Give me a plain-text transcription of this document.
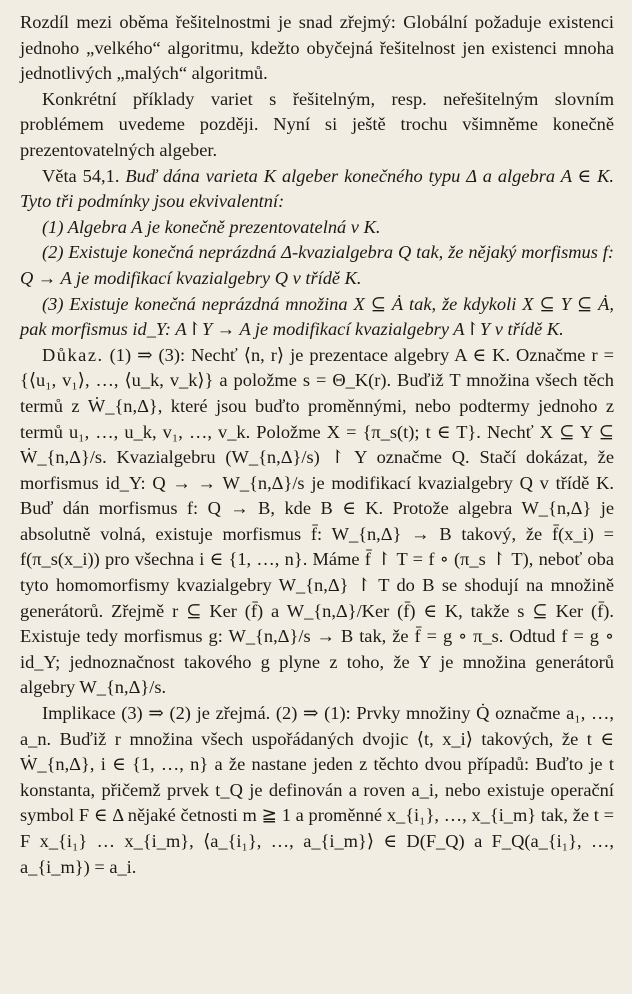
Rozdíl mezi oběma řešitelnostmi je snad zřejmý: Globální požaduje existenci jednoho „velkého“ algoritmu, kdežto obyčejná řešitelnost jen existenci mnoha jednotlivých „malých“ algoritmů.

Konkrétní příklady variet s řešitelným, resp. neřešitelným slovním problémem uvedeme později. Nyní si ještě trochu všimněme konečně prezentovatelných algeber.

Věta 54,1. Buď dána varieta K algeber konečného typu Δ a algebra A ∈ K. Tyto tři podmínky jsou ekvivalentní:

(1) Algebra A je konečně prezentovatelná v K.

(2) Existuje konečná neprázdná Δ-kvazialgebra Q tak, že nějaký morfismus f: Q → A je modifikací kvazialgebry Q v třídě K.

(3) Existuje konečná neprázdná množina X ⊆ Ȧ tak, že kdykoli X ⊆ Y ⊆ Ȧ, pak morfismus id_Y: A↾Y → A je modifikací kvazialgebry A↾Y v třídě K.

Důkaz. (1) ⇒ (3): Nechť ⟨n, r⟩ je prezentace algebry A ∈ K. Označme r = {⟨u₁, v₁⟩, …, ⟨u_k, v_k⟩} a položme s = Θ_K(r). Buďiž T množina všech těch termů z Ẇ_{n,Δ}, které jsou buďto proměnnými, nebo podtermy jednoho z termů u₁, …, u_k, v₁, …, v_k. Položme X = {π_s(t); t ∈ T}. Nechť X ⊆ Y ⊆ Ẇ_{n,Δ}/s. Kvazialgebru (W_{n,Δ}/s) ↾ Y označme Q. Stačí dokázat, že morfismus id_Y: Q → → W_{n,Δ}/s je modifikací kvazialgebry Q v třídě K. Buď dán morfismus f: Q → B, kde B ∈ K. Protože algebra W_{n,Δ} je absolutně volná, existuje morfismus f̄: W_{n,Δ} → B takový, že f̄(x_i) = f(π_s(x_i)) pro všechna i ∈ {1, …, n}. Máme f̄ ↾ T = f ∘ (π_s ↾ T), neboť oba tyto homomorfismy kvazialgebry W_{n,Δ} ↾ T do B se shodují na množině generátorů. Zřejmě r ⊆ Ker (f̄) a W_{n,Δ}/Ker (f̄) ∈ K, takže s ⊆ Ker (f̄). Existuje tedy morfismus g: W_{n,Δ}/s → B tak, že f̄ = g ∘ π_s. Odtud f = g ∘ id_Y; jednoznačnost takového g plyne z toho, že Y je množina generátorů algebry W_{n,Δ}/s.

Implikace (3) ⇒ (2) je zřejmá. (2) ⇒ (1): Prvky množiny Q̇ označme a₁, …, a_n. Buďiž r množina všech uspořádaných dvojic ⟨t, x_i⟩ takových, že t ∈ Ẇ_{n,Δ}, i ∈ {1, …, n} a že nastane jeden z těchto dvou případů: Buďto je t konstanta, přičemž prvek t_Q je definován a roven a_i, nebo existuje operační symbol F ∈ Δ nějaké četnosti m ≧ 1 a proměnné x_{i₁}, …, x_{i_m} tak, že t = F x_{i₁} … x_{i_m}, ⟨a_{i₁}, …, a_{i_m}⟩ ∈ D(F_Q) a F_Q(a_{i₁}, …, a_{i_m}) = a_i.
